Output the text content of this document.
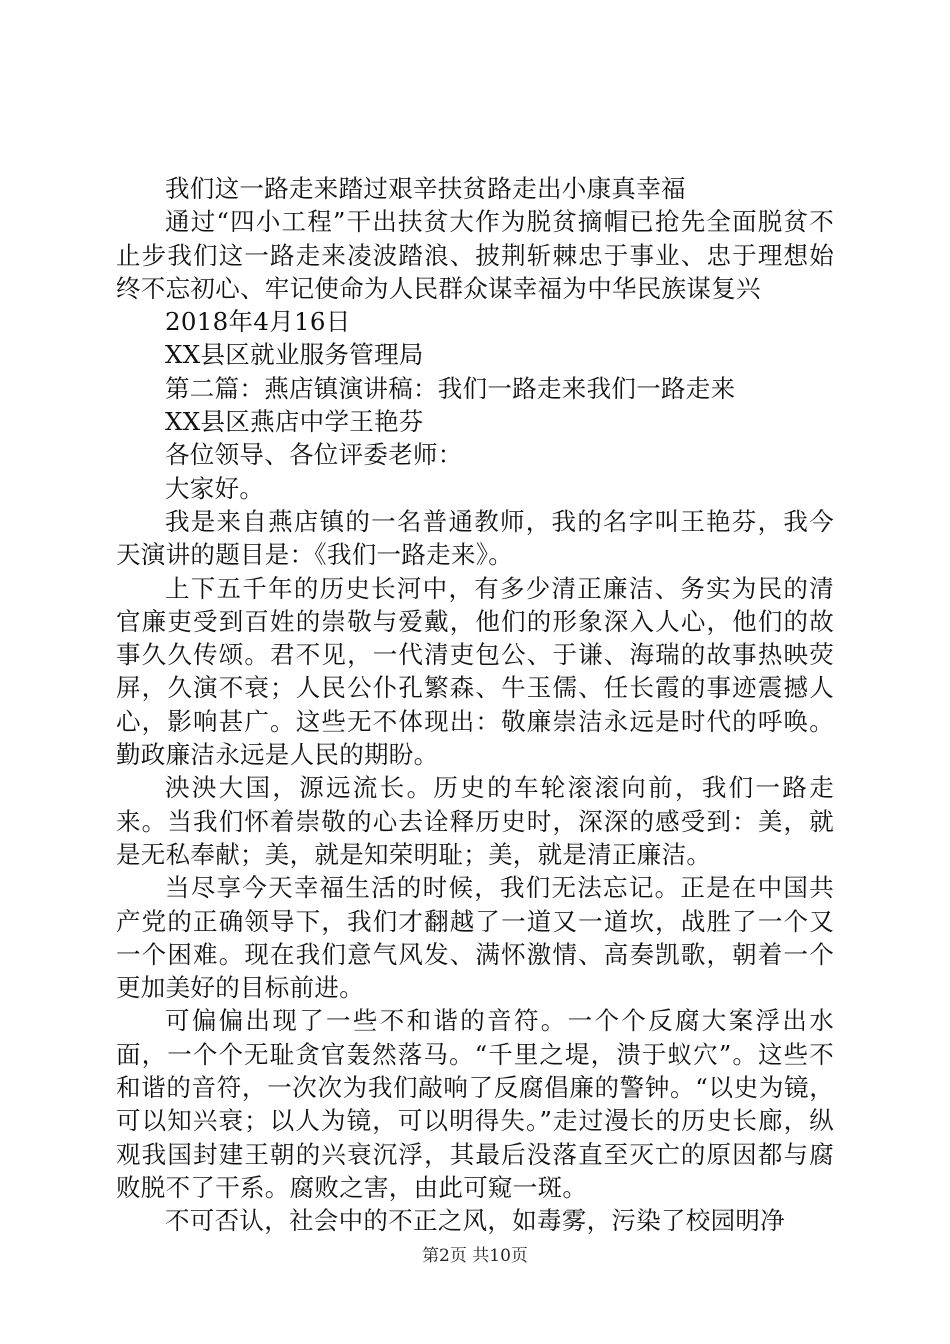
我们这一路走来踏过艰辛扶贫路走出小康真幸福

通过“四小工程”干出扶贫大作为脱贫摘帽已抢先全面脱贫不止步我们这一路走来凌波踏浪、披荆斩棘忠于事业、忠于理想始终不忘初心、牢记使命为人民群众谋幸福为中华民族谋复兴

2018年4月16日

XX县区就业服务管理局

第二篇：燕店镇演讲稿：我们一路走来我们一路走来

XX县区燕店中学王艳芬

各位领导、各位评委老师：

大家好。

我是来自燕店镇的一名普通教师，我的名字叫王艳芬，我今天演讲的题目是：《我们一路走来》。

上下五千年的历史长河中，有多少清正廉洁、务实为民的清官廉吏受到百姓的崇敬与爱戴，他们的形象深入人心，他们的故事久久传颂。君不见，一代清吏包公、于谦、海瑞的故事热映荧屏，久演不衰；人民公仆孔繁森、牛玉儒、任长霞的事迹震撼人心，影响甚广。这些无不体现出：敬廉崇洁永远是时代的呼唤。勤政廉洁永远是人民的期盼。

泱泱大国，源远流长。历史的车轮滚滚向前，我们一路走来。当我们怀着崇敬的心去诠释历史时，深深的感受到：美，就是无私奉献；美，就是知荣明耻；美，就是清正廉洁。

当尽享今天幸福生活的时候，我们无法忘记。正是在中国共产党的正确领导下，我们才翻越了一道又一道坎，战胜了一个又一个困难。现在我们意气风发、满怀激情、高奏凯歌，朝着一个更加美好的目标前进。

可偏偏出现了一些不和谐的音符。一个个反腐大案浮出水面，一个个无耻贪官轰然落马。“千里之堤，溃于蚁穴”。这些不和谐的音符，一次次为我们敲响了反腐倡廉的警钟。“以史为镜，可以知兴衰；以人为镜，可以明得失。”走过漫长的历史长廊，纵观我国封建王朝的兴衰沉浮，其最后没落直至灭亡的原因都与腐败脱不了干系。腐败之害，由此可窥一斑。

不可否认，社会中的不正之风，如毒雾，污染了校园明净

第2页 共10页
